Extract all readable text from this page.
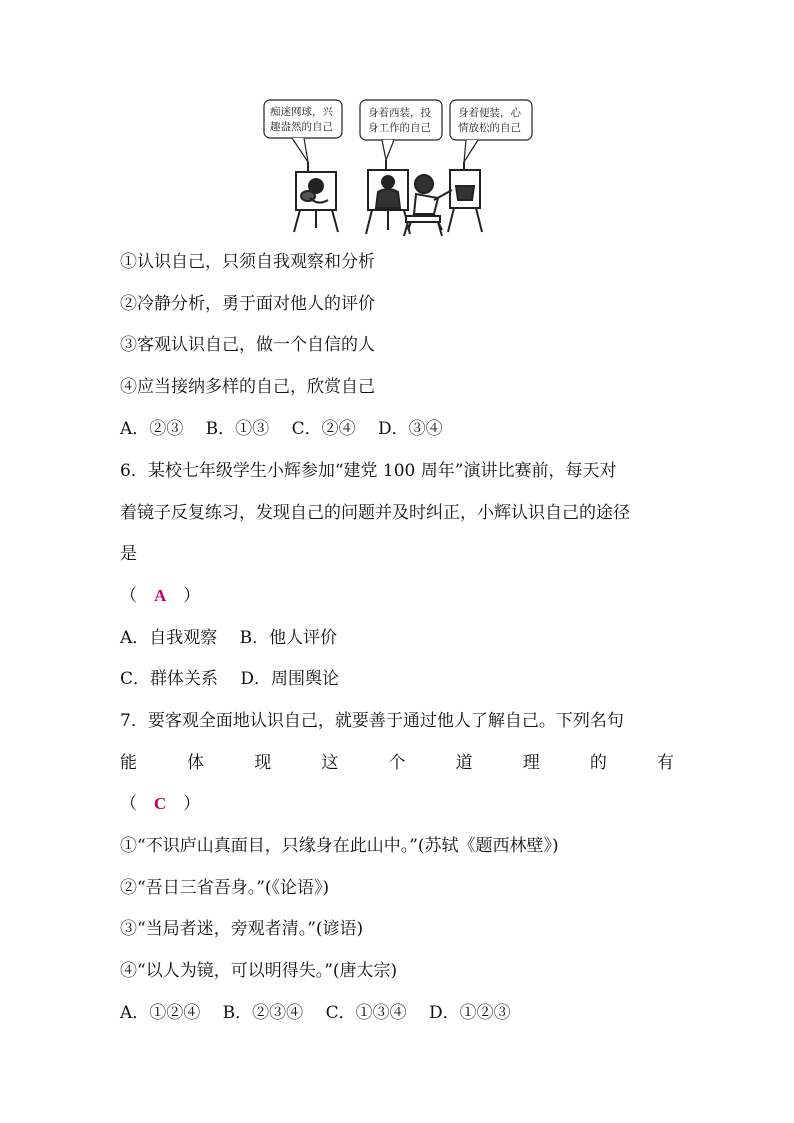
痴迷网球，兴
趣盎然的自己
身着西装，投
身工作的自己
身着便装，心
情放松的自己
①认识自己，只须自我观察和分析
②冷静分析，勇于面对他人的评价
③客观认识自己，做一个自信的人
④应当接纳多样的自己，欣赏自己
A．②③　 B．①③　 C．②④　 D．③④
6．某校七年级学生小辉参加“建党 100 周年”演讲比赛前，每天对
着镜子反复练习，发现自己的问题并及时纠正，小辉认识自己的途径
是
（　 A　 ）
A．自我观察　 B．他人评价
C．群体关系　 D．周围舆论
7．要客观全面地认识自己，就要善于通过他人了解自己。下列名句
能	体	现	这	个	道	理	的	有
（　 C　 ）
①“不识庐山真面目，只缘身在此山中。”(苏轼《题西林壁》)
②“吾日三省吾身。”(《论语》)
③“当局者迷，旁观者清。”(谚语)
④“以人为镜，可以明得失。”(唐太宗)
A．①②④　 B．②③④　 C．①③④　 D．①②③
